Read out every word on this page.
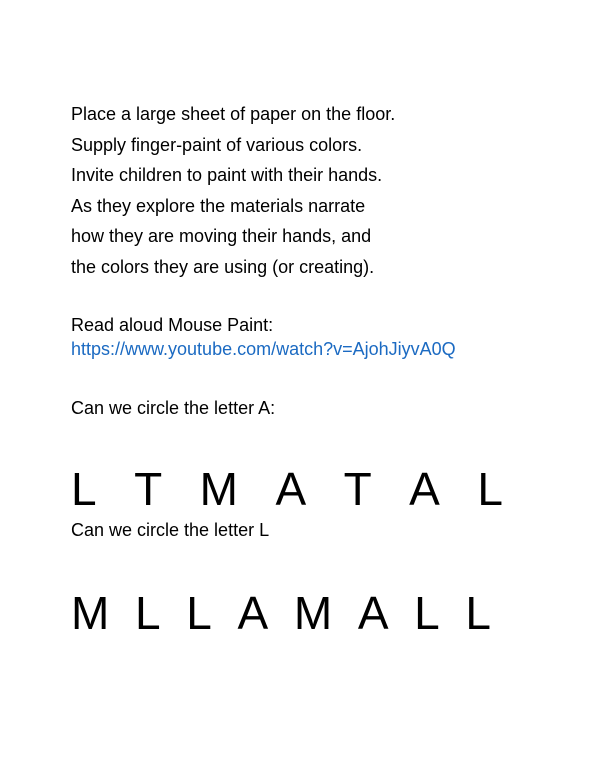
Place a large sheet of paper on the floor.
Supply finger-paint of various colors.
Invite children to paint with their hands.
As they explore the materials narrate
how they are moving their hands, and
the colors they are using (or creating).
Read aloud Mouse Paint:
https://www.youtube.com/watch?v=AjohJiyvA0Q
Can we circle the letter A:
L T M A T A L
Can we circle the letter L
M L L A M A L L
